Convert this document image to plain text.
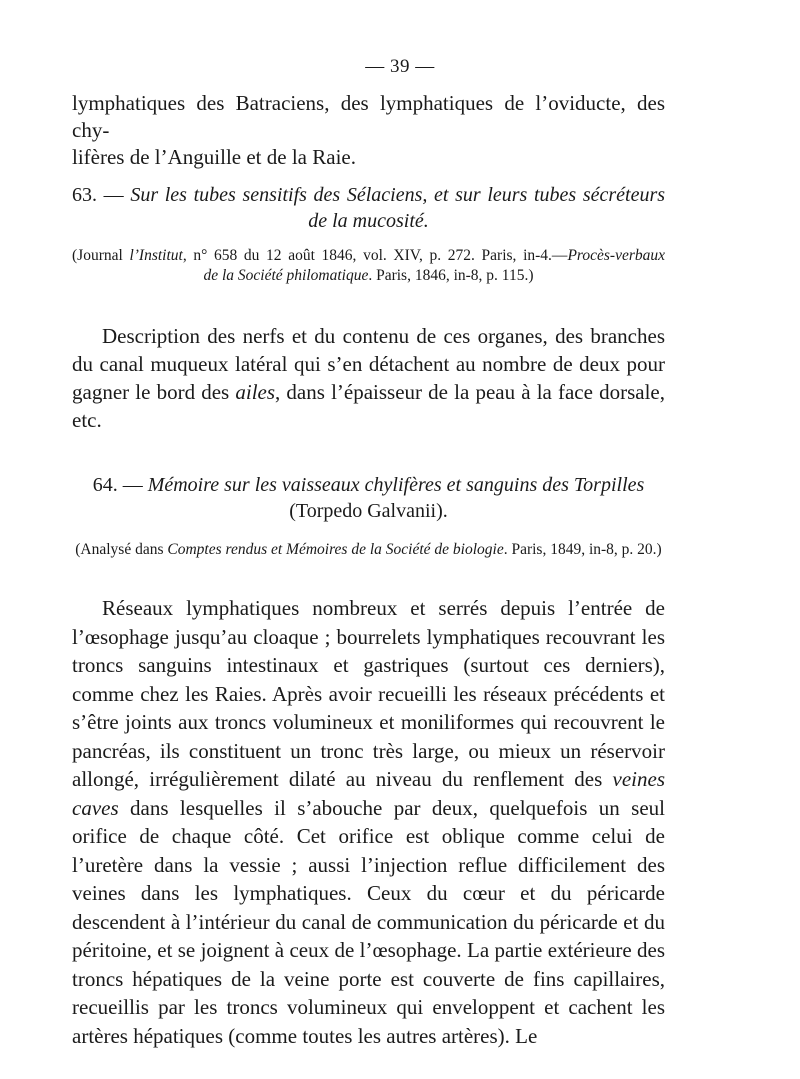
— 39 —
lymphatiques des Batraciens, des lymphatiques de l’oviducte, des chy-
lifères de l’Anguille et de la Raie.
63. — Sur les tubes sensitifs des Sélaciens, et sur leurs tubes sécréteurs
de la mucosité.
(Journal l’Institut, n° 658 du 12 août 1846, vol. XIV, p. 272. Paris, in-4.—Procès-verbaux
de la Société philomatique. Paris, 1846, in-8, p. 115.)
Description des nerfs et du contenu de ces organes, des branches du canal muqueux latéral qui s’en détachent au nombre de deux pour gagner le bord des ailes, dans l’épaisseur de la peau à la face dorsale, etc.
64. — Mémoire sur les vaisseaux chylifères et sanguins des Torpilles
(Torpedo Galvanii).
(Analysé dans Comptes rendus et Mémoires de la Société de biologie. Paris, 1849, in-8, p. 20.)
Réseaux lymphatiques nombreux et serrés depuis l’entrée de l’œsophage jusqu’au cloaque ; bourrelets lymphatiques recouvrant les troncs sanguins intestinaux et gastriques (surtout ces derniers), comme chez les Raies. Après avoir recueilli les réseaux précédents et s’être joints aux troncs volumineux et moniliformes qui recouvrent le pancréas, ils constituent un tronc très large, ou mieux un réservoir allongé, irrégulièrement dilaté au niveau du renflement des veines caves dans lesquelles il s’abouche par deux, quelquefois un seul orifice de chaque côté. Cet orifice est oblique comme celui de l’uretère dans la vessie ; aussi l’injection reflue difficilement des veines dans les lymphatiques. Ceux du cœur et du péricarde descendent à l’intérieur du canal de communication du péricarde et du péritoine, et se joignent à ceux de l’œsophage. La partie extérieure des troncs hépatiques de la veine porte est couverte de fins capillaires, recueillis par les troncs volumineux qui enveloppent et cachent les artères hépatiques (comme toutes les autres artères). Le
